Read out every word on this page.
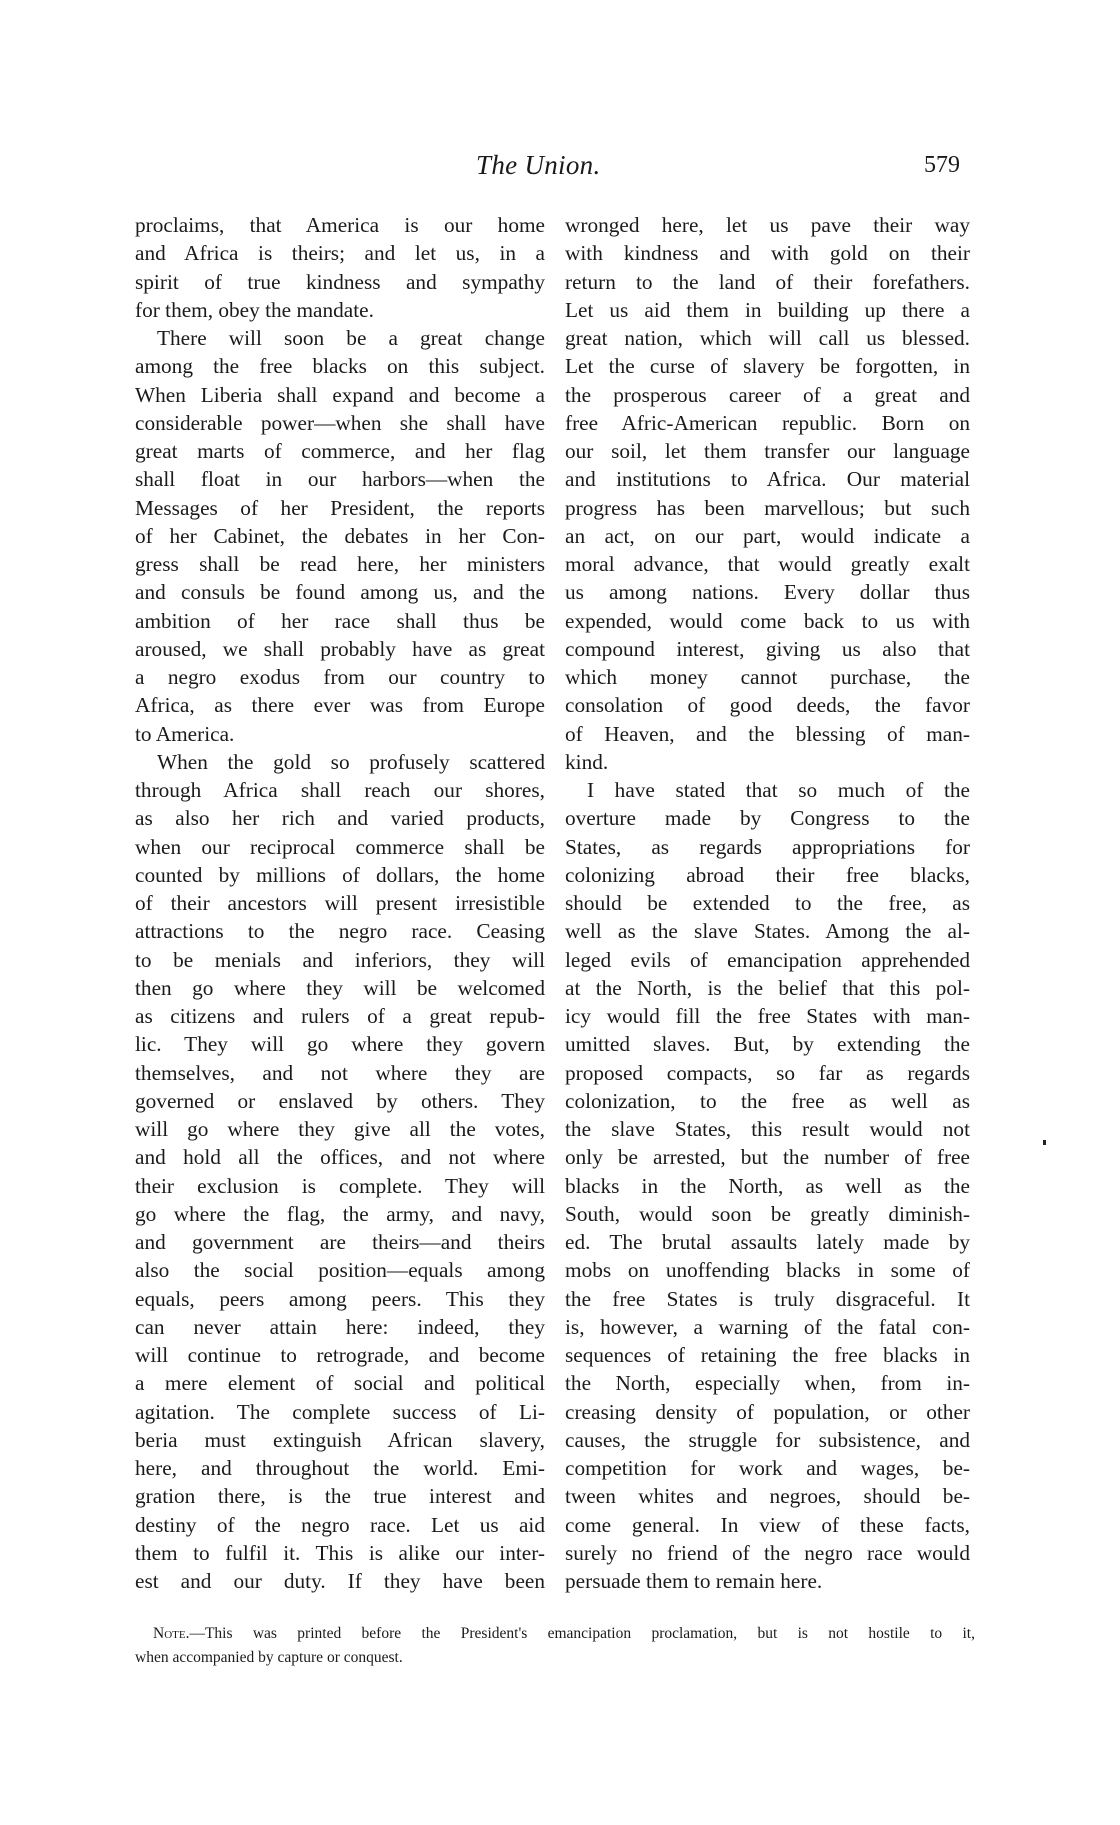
The Union.	579
proclaims, that America is our home
and Africa is theirs; and let us, in a
spirit of true kindness and sympathy
for them, obey the mandate.
There will soon be a great change
among the free blacks on this subject.
When Liberia shall expand and become a
considerable power—when she shall have
great marts of commerce, and her flag
shall float in our harbors—when the
Messages of her President, the reports
of her Cabinet, the debates in her Con-
gress shall be read here, her ministers
and consuls be found among us, and the
ambition of her race shall thus be
aroused, we shall probably have as great
a negro exodus from our country to
Africa, as there ever was from Europe
to America.
When the gold so profusely scattered
through Africa shall reach our shores,
as also her rich and varied products,
when our reciprocal commerce shall be
counted by millions of dollars, the home
of their ancestors will present irresistible
attractions to the negro race. Ceasing
to be menials and inferiors, they will
then go where they will be welcomed
as citizens and rulers of a great repub-
lic. They will go where they govern
themselves, and not where they are
governed or enslaved by others. They
will go where they give all the votes,
and hold all the offices, and not where
their exclusion is complete. They will
go where the flag, the army, and navy,
and government are theirs—and theirs
also the social position—equals among
equals, peers among peers. This they
can never attain here: indeed, they
will continue to retrograde, and become
a mere element of social and political
agitation. The complete success of Li-
beria must extinguish African slavery,
here, and throughout the world. Emi-
gration there, is the true interest and
destiny of the negro race. Let us aid
them to fulfil it. This is alike our inter-
est and our duty. If they have been
wronged here, let us pave their way
with kindness and with gold on their
return to the land of their forefathers.
Let us aid them in building up there a
great nation, which will call us blessed.
Let the curse of slavery be forgotten, in
the prosperous career of a great and
free Afric-American republic. Born on
our soil, let them transfer our language
and institutions to Africa. Our material
progress has been marvellous; but such
an act, on our part, would indicate a
moral advance, that would greatly exalt
us among nations. Every dollar thus
expended, would come back to us with
compound interest, giving us also that
which money cannot purchase, the
consolation of good deeds, the favor
of Heaven, and the blessing of man-
kind.
I have stated that so much of the
overture made by Congress to the
States, as regards appropriations for
colonizing abroad their free blacks,
should be extended to the free, as
well as the slave States. Among the al-
leged evils of emancipation apprehended
at the North, is the belief that this pol-
icy would fill the free States with man-
umitted slaves. But, by extending the
proposed compacts, so far as regards
colonization, to the free as well as
the slave States, this result would not
only be arrested, but the number of free
blacks in the North, as well as the
South, would soon be greatly diminish-
ed. The brutal assaults lately made by
mobs on unoffending blacks in some of
the free States is truly disgraceful. It
is, however, a warning of the fatal con-
sequences of retaining the free blacks in
the North, especially when, from in-
creasing density of population, or other
causes, the struggle for subsistence, and
competition for work and wages, be-
tween whites and negroes, should be-
come general. In view of these facts,
surely no friend of the negro race would
persuade them to remain here.
Note.—This was printed before the President's emancipation proclamation, but is not hostile to it,
when accompanied by capture or conquest.
